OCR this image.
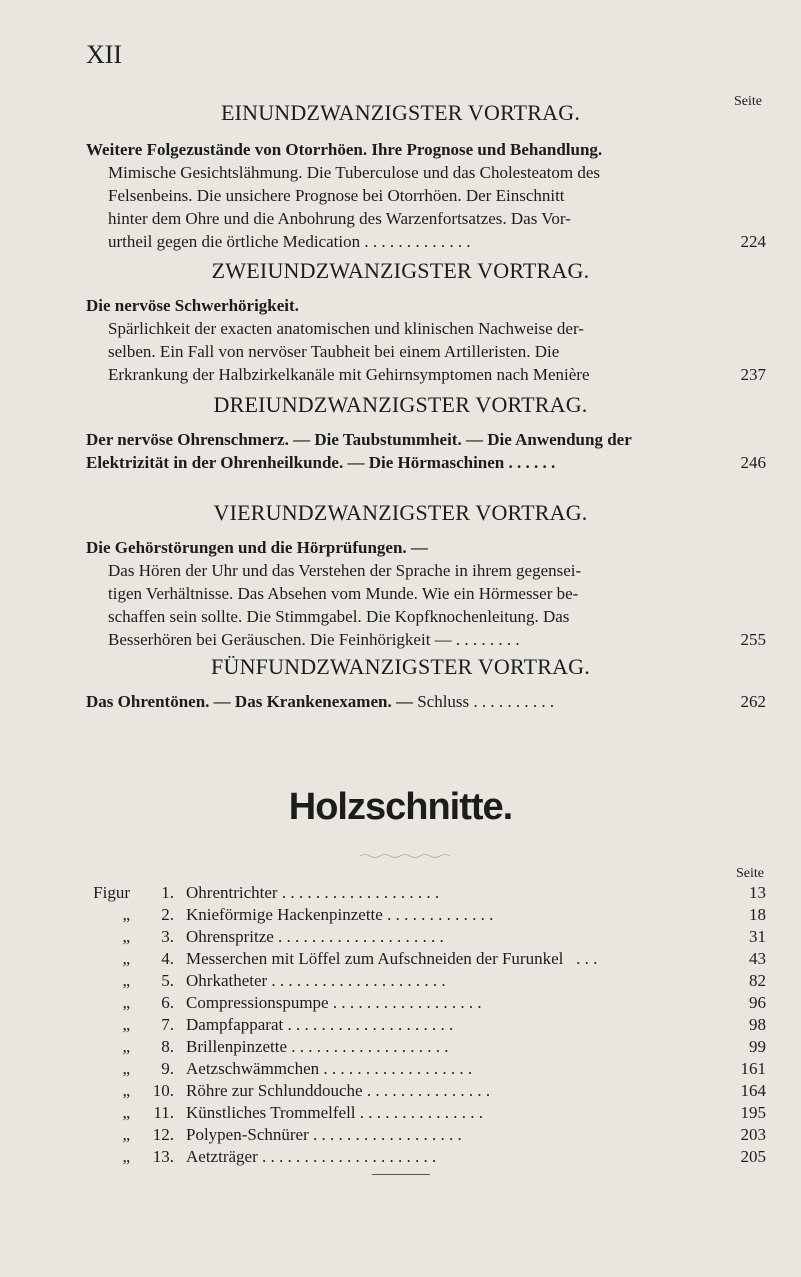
XII
Seite
EINUNDZWANZIGSTER VORTRAG.
Weitere Folgezustände von Otorrhöen. Ihre Prognose und Behandlung.
Mimische Gesichtslähmung. Die Tuberculose und das Cholesteatom des
Felsenbeins. Die unsichere Prognose bei Otorrhöen. Der Einschnitt
hinter dem Ohre und die Anbohrung des Warzenfortsatzes. Das Vor-
urtheil gegen die örtliche Medication . . . . . . . . . . . . .	224
ZWEIUNDZWANZIGSTER VORTRAG.
Die nervöse Schwerhörigkeit.
Spärlichkeit der exacten anatomischen und klinischen Nachweise der-
selben. Ein Fall von nervöser Taubheit bei einem Artilleristen. Die
Erkrankung der Halbzirkelkanäle mit Gehirnsymptomen nach Menière	237
DREIUNDZWANZIGSTER VORTRAG.
Der nervöse Ohrenschmerz. — Die Taubstummheit. — Die Anwendung der
Elektrizität in der Ohrenheilkunde. — Die Hörmaschinen . . . . . .	246
VIERUNDZWANZIGSTER VORTRAG.
Die Gehörstörungen und die Hörprüfungen. —
Das Hören der Uhr und das Verstehen der Sprache in ihrem gegensei-
tigen Verhältnisse. Das Absehen vom Munde. Wie ein Hörmesser be-
schaffen sein sollte. Die Stimmgabel. Die Kopfknochenleitung. Das
Besserhören bei Geräuschen. Die Feinhörigkeit — . . . . . . . .	255
FÜNFUNDZWANZIGSTER VORTRAG.
Das Ohrentönen. — Das Krankenexamen. — Schluss . . . . . . . . . .	262
Holzschnitte.
Seite
Figur	1. Ohrentrichter . . . . . . . . . . . . . . . . . . .	13
„	2. Knieförmige Hackenpinzette . . . . . . . . . . . . .	18
„	3. Ohrenspritze . . . . . . . . . . . . . . . . . . . .	31
„	4. Messerchen mit Löffel zum Aufschneiden der Furunkel   . . .	43
„	5. Ohrkatheter . . . . . . . . . . . . . . . . . . . . .	82
„	6. Compressionspumpe . . . . . . . . . . . . . . . . . .	96
„	7. Dampfapparat . . . . . . . . . . . . . . . . . . . .	98
„	8. Brillenpinzette . . . . . . . . . . . . . . . . . . .	99
„	9. Aetzschwämmchen . . . . . . . . . . . . . . . . . .	161
„	10. Röhre zur Schlunddouche . . . . . . . . . . . . . . .	164
„	11. Künstliches Trommelfell . . . . . . . . . . . . . . .	195
„	12. Polypen-Schnürer . . . . . . . . . . . . . . . . . .	203
„	13. Aetzträger . . . . . . . . . . . . . . . . . . . . .	205
